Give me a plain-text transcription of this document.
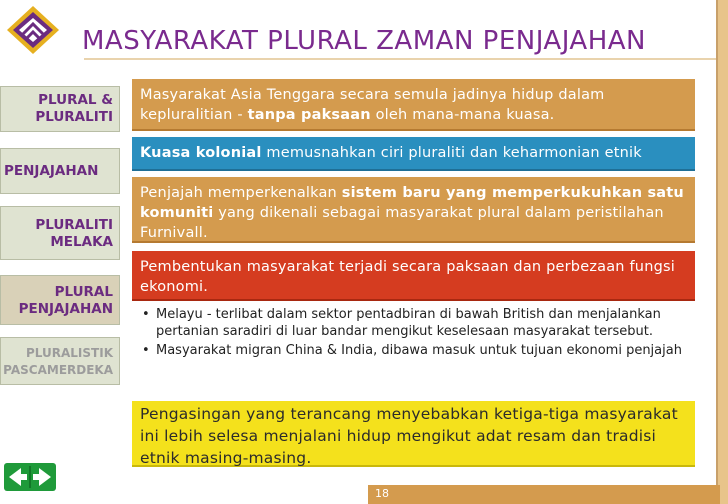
MASYARAKAT PLURAL ZAMAN PENJAJAHAN
PLURAL &
PLURALITI
PENJAJAHAN
PLURALITI
MELAKA
PLURAL
PENJAJAHAN
PLURALISTIK
PASCAMERDEKA
Masyarakat Asia Tenggara secara semula jadinya hidup dalam kepluralitian - tanpa paksaan oleh mana-mana kuasa.
Kuasa kolonial memusnahkan ciri pluraliti dan keharmonian etnik
Penjajah memperkenalkan sistem baru yang memperkukuhkan satu komuniti yang dikenali sebagai masyarakat plural dalam peristilahan Furnivall.
Pembentukan masyarakat terjadi secara paksaan dan perbezaan fungsi ekonomi.
• Melayu - terlibat dalam sektor pentadbiran di bawah British dan menjalankan pertanian saradiri di luar bandar mengikut keselesaan masyarakat tersebut.
• Masyarakat migran China & India, dibawa masuk untuk tujuan ekonomi penjajah
Pengasingan yang terancang menyebabkan ketiga-tiga masyarakat ini lebih selesa menjalani hidup mengikut adat resam dan tradisi etnik masing-masing.
18
